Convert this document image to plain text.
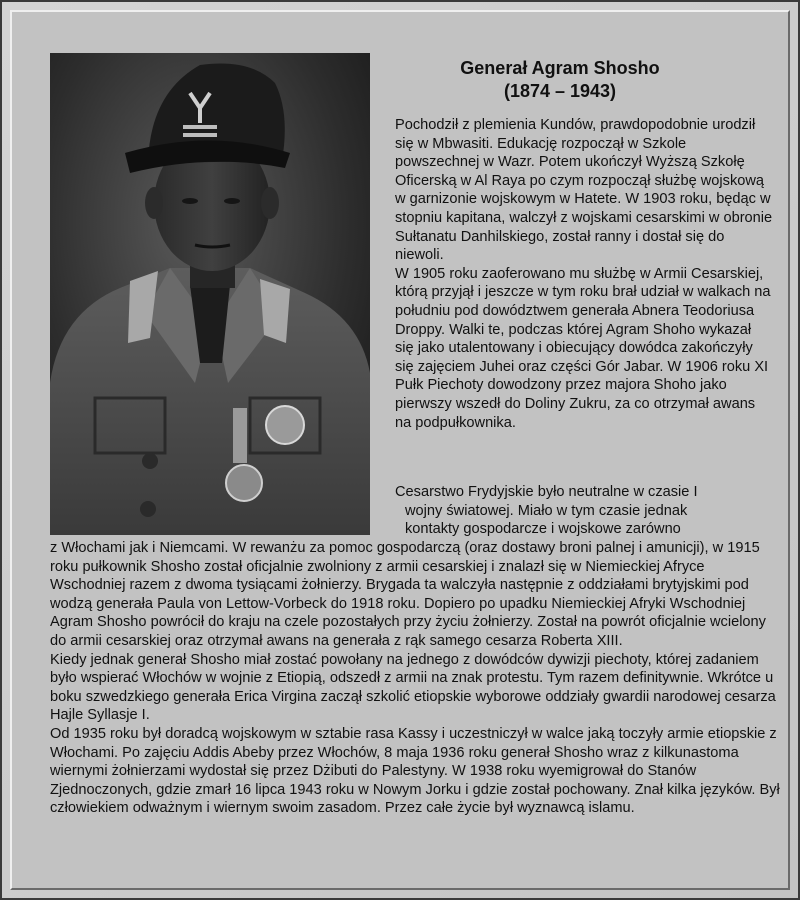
Generał Agram Shosho
(1874 – 1943)

Pochodził z plemienia Kundów, prawdopodobnie urodził się w Mbwasiti. Edukację rozpoczął w Szkole powszechnej w Wazr. Potem ukończył Wyższą Szkołę Oficerską w Al Raya po czym rozpoczął służbę wojskową w garnizonie wojskowym w Hatete. W 1903 roku, będąc w stopniu kapitana, walczył z wojskami cesarskimi w obronie Sułtanatu Danhilskiego, został ranny i dostał się do niewoli.

W 1905 roku zaoferowano mu służbę w Armii Cesarskiej, którą przyjął i jeszcze w tym roku brał udział w walkach na południu pod dowództwem generała Abnera Teodoriusa Droppy. Walki te, podczas której Agram Shoho wykazał się jako utalentowany i obiecujący dowódca zakończyły się zajęciem Juhei oraz części Gór Jabar. W 1906 roku XI Pułk Piechoty dowodzony przez majora Shoho jako pierwszy wszedł do Doliny Zukru, za co otrzymał awans na podpułkownika.

Cesarstwo Frydyjskie było neutralne w czasie I
wojny światowej. Miało w tym czasie jednak
kontakty gospodarcze i wojskowe zarówno

z Włochami jak i Niemcami. W rewanżu za pomoc gospodarczą (oraz dostawy broni palnej i amunicji), w 1915 roku pułkownik Shosho został oficjalnie zwolniony z armii cesarskiej i znalazł się w Niemieckiej Afryce Wschodniej razem z dwoma tysiącami żołnierzy. Brygada ta walczyła następnie z oddziałami brytyjskimi pod wodzą generała Paula von Lettow-Vorbeck do 1918 roku. Dopiero po upadku Niemieckiej Afryki Wschodniej Agram Shosho powrócił do kraju na czele pozostałych przy życiu żołnierzy. Został na powrót oficjalnie wcielony do armii cesarskiej oraz otrzymał awans na generała z rąk samego cesarza Roberta XIII.

Kiedy jednak generał Shosho miał zostać powołany na jednego z dowódców dywizji piechoty, której zadaniem było wspierać Włochów w wojnie z Etiopią, odszedł z armii na znak protestu. Tym razem definitywnie. Wkrótce u boku szwedzkiego generała Erica Virgina zaczął szkolić etiopskie wyborowe oddziały gwardii narodowej cesarza Hajle Syllasje I.

Od 1935 roku był doradcą wojskowym w sztabie rasa Kassy i uczestniczył w walce jaką toczyły armie etiopskie z Włochami. Po zajęciu Addis Abeby przez Włochów, 8 maja 1936 roku generał Shosho wraz z kilkunastoma wiernymi żołnierzami wydostał się przez Dżibuti do Palestyny. W 1938 roku wyemigrował do Stanów Zjednoczonych, gdzie zmarł 16 lipca 1943 roku w Nowym Jorku i gdzie został pochowany. Znał kilka języków. Był człowiekiem odważnym i wiernym swoim zasadom. Przez całe życie był wyznawcą islamu.
